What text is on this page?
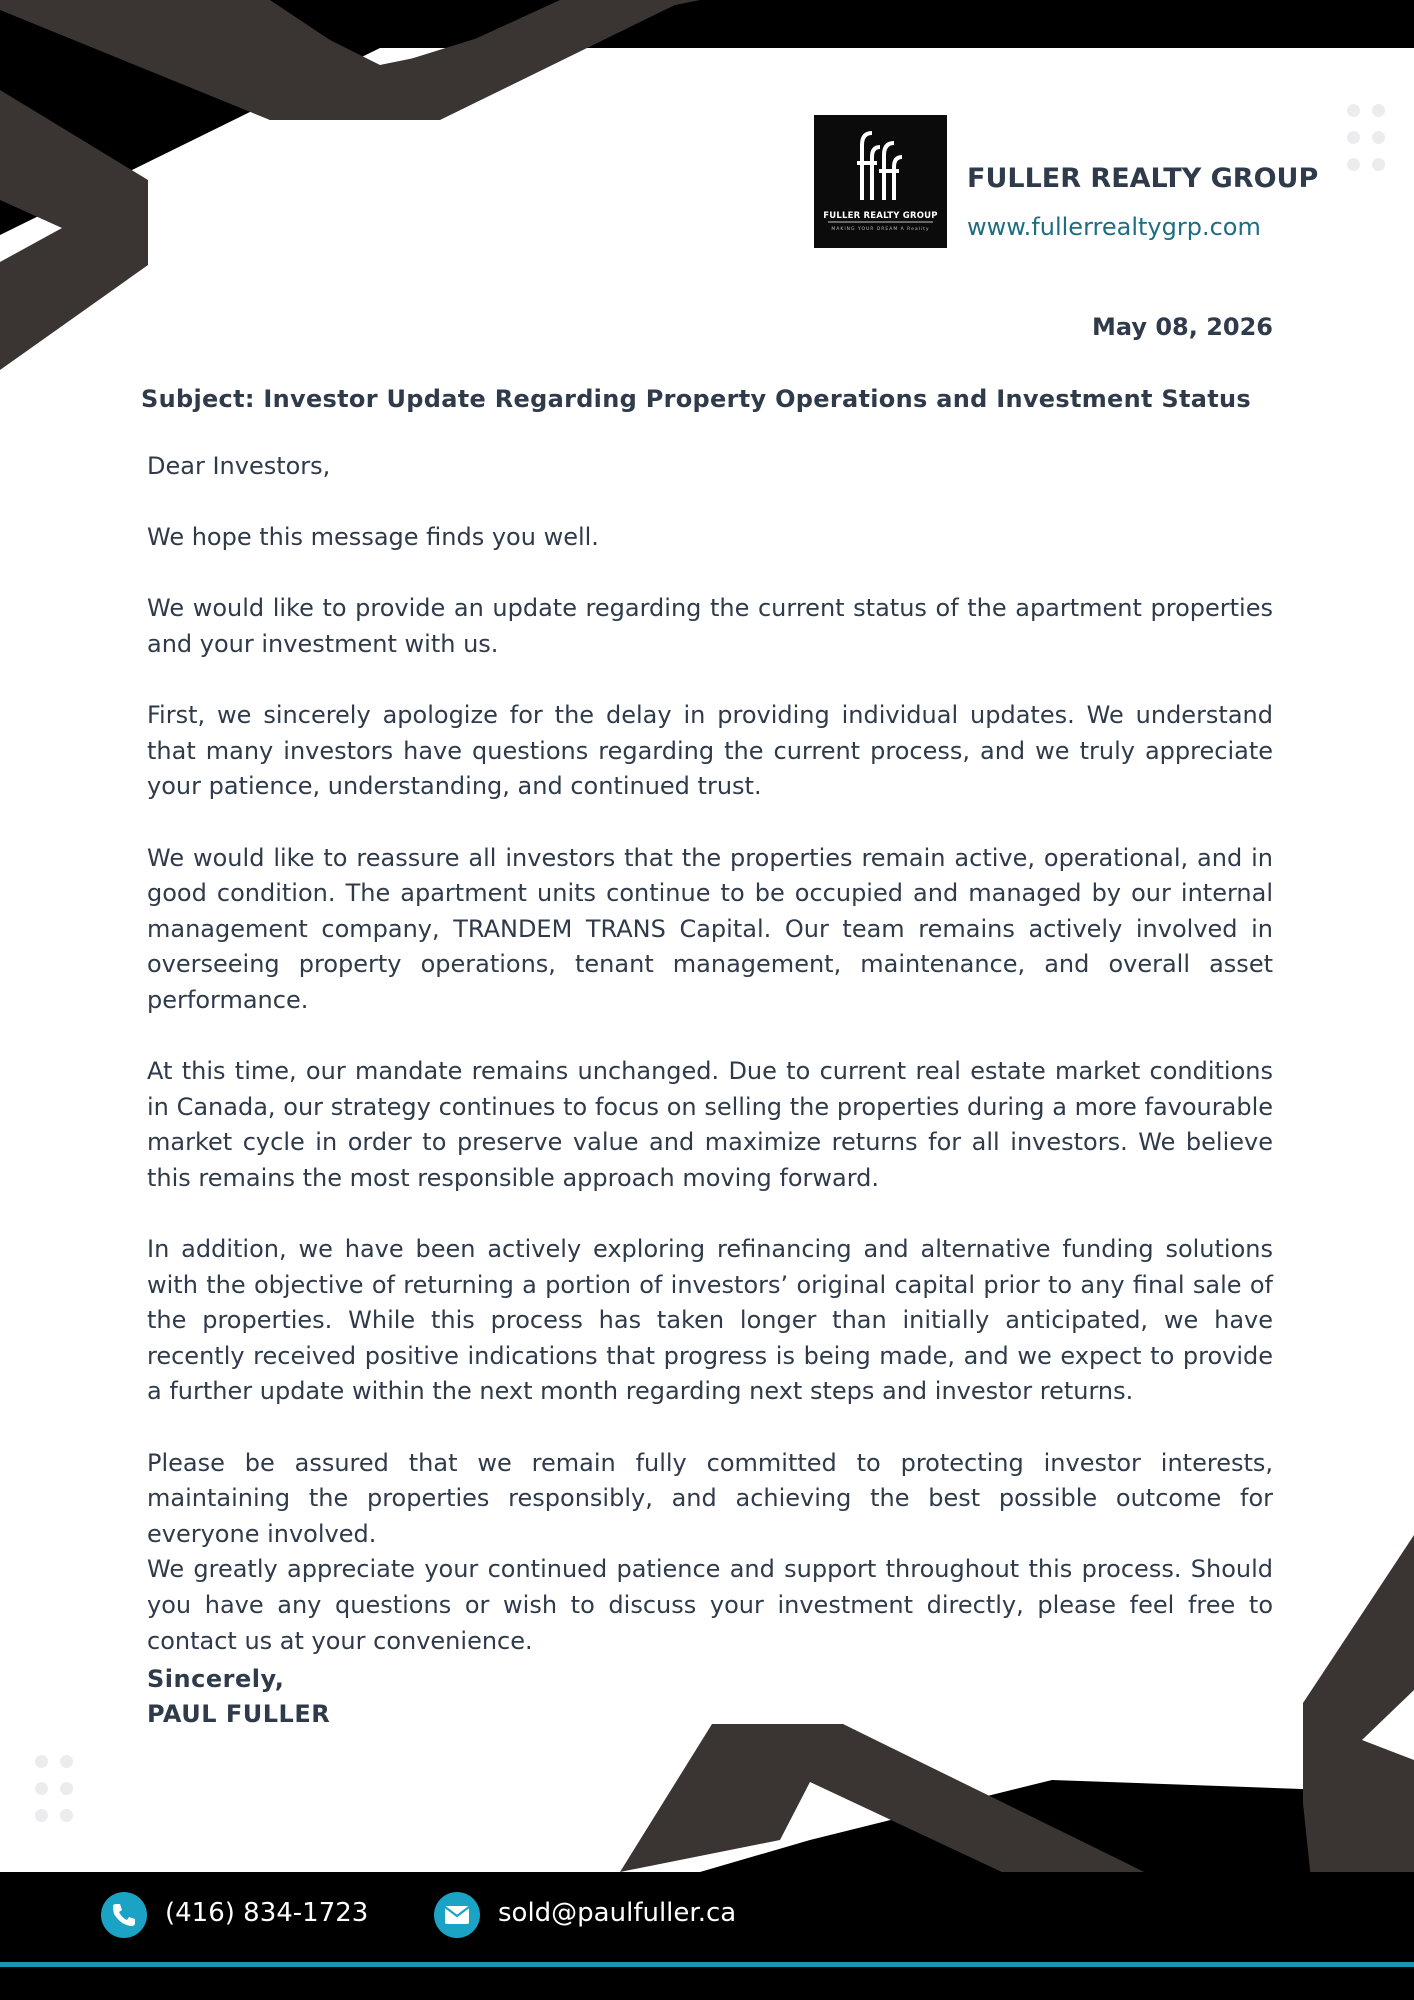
FULLER REALTY GROUP
MAKING YOUR DREAM A Reality
FULLER REALTY GROUP
www.fullerrealtygrp.com
May 08, 2026
Subject: Investor Update Regarding Property Operations and Investment Status

Dear Investors,

We hope this message finds you well.

We would like to provide an update regarding the current status of the apartment properties and your investment with us.

First, we sincerely apologize for the delay in providing individual updates. We understand that many investors have questions regarding the current process, and we truly appreciate your patience, understanding, and continued trust.

We would like to reassure all investors that the properties remain active, operational, and in good condition. The apartment units continue to be occupied and managed by our internal management company, TRANDEM TRANS Capital. Our team remains actively involved in overseeing property operations, tenant management, maintenance, and overall asset performance.

At this time, our mandate remains unchanged. Due to current real estate market conditions in Canada, our strategy continues to focus on selling the properties during a more favourable market cycle in order to preserve value and maximize returns for all investors. We believe this remains the most responsible approach moving forward.

In addition, we have been actively exploring refinancing and alternative funding solutions with the objective of returning a portion of investors’ original capital prior to any final sale of the properties. While this process has taken longer than initially anticipated, we have recently received positive indications that progress is being made, and we expect to provide a further update within the next month regarding next steps and investor returns.

Please be assured that we remain fully committed to protecting investor interests, maintaining the properties responsibly, and achieving the best possible outcome for everyone involved.

We greatly appreciate your continued patience and support throughout this process. Should you have any questions or wish to discuss your investment directly, please feel free to contact us at your convenience.

Sincerely,
PAUL FULLER
(416) 834-1723	sold@paulfuller.ca
